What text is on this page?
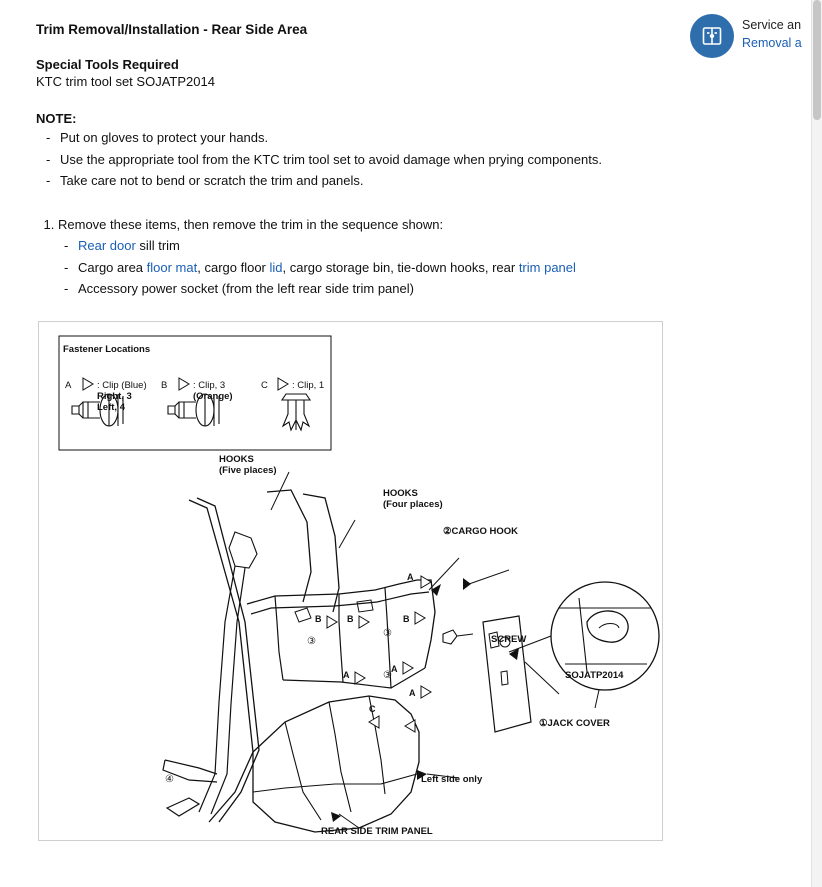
Trim Removal/Installation - Rear Side Area
Special Tools Required
KTC trim tool set SOJATP2014
NOTE:
- Put on gloves to protect your hands.
- Use the appropriate tool from the KTC trim tool set to avoid damage when prying components.
- Take care not to bend or scratch the trim and panels.
1. Remove these items, then remove the trim in the sequence shown:
- Rear door sill trim
- Cargo area floor mat, cargo floor lid, cargo storage bin, tie-down hooks, rear trim panel
- Accessory power socket (from the left rear side trim panel)
Fastener Locations
A	: Clip (Blue)
Right, 3
Left, 4
B	: Clip, 3
(Orange)
C	: Clip, 1
HOOKS
(Five places)
HOOKS
(Four places)
②CARGO HOOK
SCREW
SOJATP2014
①JACK COVER
Left side only
REAR SIDE TRIM PANEL
A
B
A
A
B	B
A
C
③
③
③
④
Service an
Removal a
